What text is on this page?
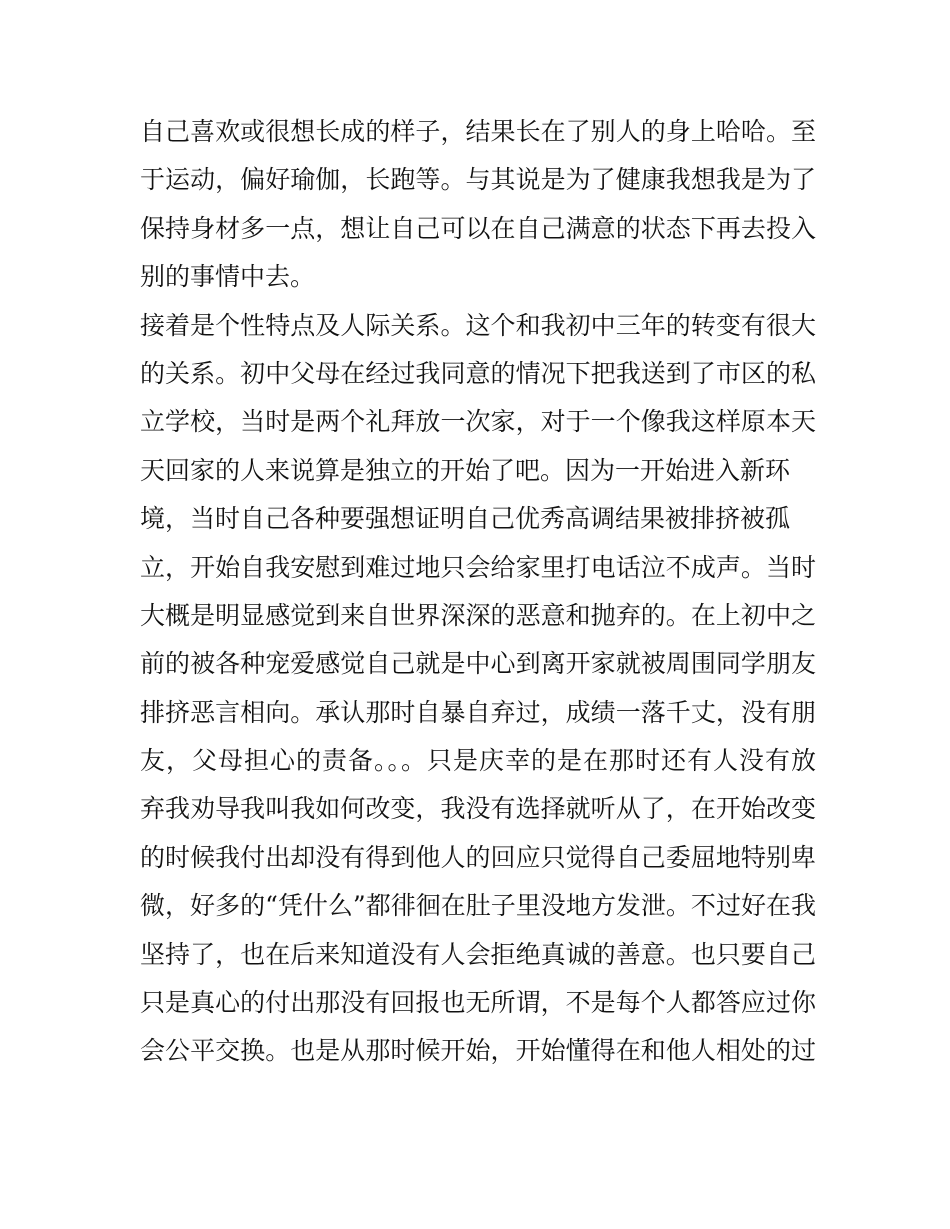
自己喜欢或很想长成的样子，结果长在了别人的身上哈哈。至
于运动，偏好瑜伽，长跑等。与其说是为了健康我想我是为了
保持身材多一点，想让自己可以在自己满意的状态下再去投入
别的事情中去。
接着是个性特点及人际关系。这个和我初中三年的转变有很大
的关系。初中父母在经过我同意的情况下把我送到了市区的私
立学校，当时是两个礼拜放一次家，对于一个像我这样原本天
天回家的人来说算是独立的开始了吧。因为一开始进入新环
境，当时自己各种要强想证明自己优秀高调结果被排挤被孤
立，开始自我安慰到难过地只会给家里打电话泣不成声。当时
大概是明显感觉到来自世界深深的恶意和抛弃的。在上初中之
前的被各种宠爱感觉自己就是中心到离开家就被周围同学朋友
排挤恶言相向。承认那时自暴自弃过，成绩一落千丈，没有朋
友，父母担心的责备。。。只是庆幸的是在那时还有人没有放
弃我劝导我叫我如何改变，我没有选择就听从了，在开始改变
的时候我付出却没有得到他人的回应只觉得自己委屈地特别卑
微，好多的“凭什么”都徘徊在肚子里没地方发泄。不过好在我
坚持了，也在后来知道没有人会拒绝真诚的善意。也只要自己
只是真心的付出那没有回报也无所谓，不是每个人都答应过你
会公平交换。也是从那时候开始，开始懂得在和他人相处的过
